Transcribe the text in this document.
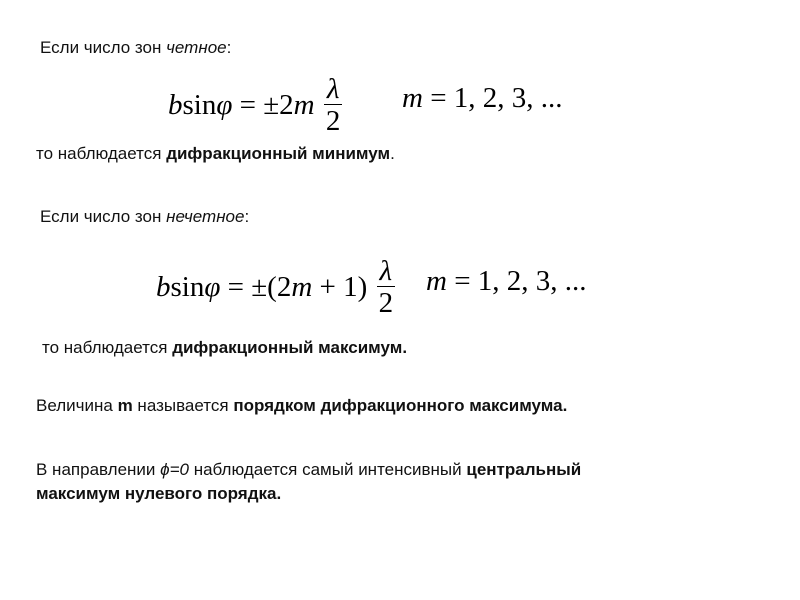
Если число зон четное:
$bsin\varphi = \pm 2m \frac{\lambda}{2}$ m = 1, 2, 3, ...
то наблюдается дифракционный минимум.
Если число зон нечетное:
$bsin\varphi = \pm(2m + 1) \frac{\lambda}{2}$ m = 1, 2, 3, ...
то наблюдается дифракционный максимум.
Величина m называется порядком дифракционного максимума.
В направлении ϕ=0 наблюдается самый интенсивный центральный
максимум нулевого порядка.
